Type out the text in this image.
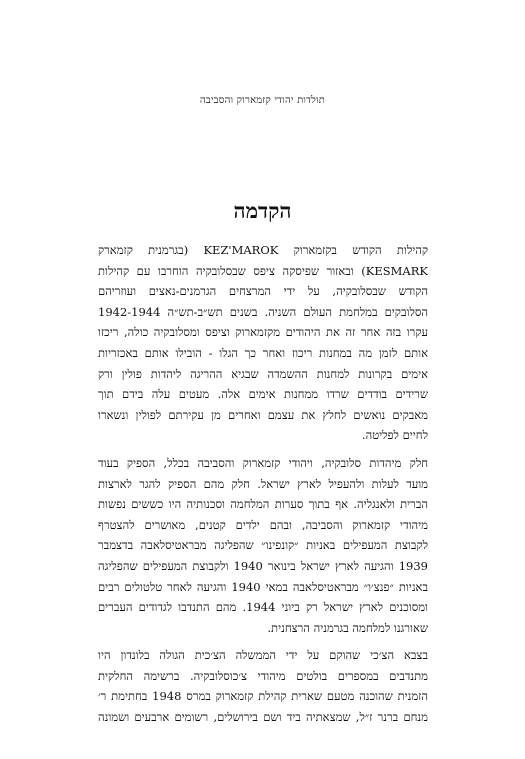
תולדות יהודי קזמארוק והסביבה
הקדמה
קהילות הקודש בקזמארוק KEZ'MAROK (בגרמנית קזמארק
KESMARK) ובאזור שפיסקה ציפס שבסלובקיה הוחרבו עם קהילות
הקודש שבסלובקיה, על ידי המרצחים הגרמנים-נאצים ועוזריהם
הסלובקים במלחמת העולם השניה. בשנים תש״ב-תש״ה 1942-1944
עקרו בזה אחר זה את היהודים מקזמארוק וציפס ומסלובקיה כולה, ריכזו
אותם לזמן מה במחנות ריכוז ואחר כך הגלו - הובילו אותם באכזריות
אימים בקרונות למחנות ההשמדה שבגיא ההריגה ליהדות פולין ורק
שרידים בודדים שרדו ממחנות אימים אלה. מעטים עלה בידם תוך
מאבקים נואשים לחלץ את עצמם ואחרים מן עקירתם לפולין ונשארו
לחיים לפליטה.
חלק מיהדות סלובקיה, ויהודי קזמארוק והסביבה בכלל, הספיק בעוד
מועד לעלות ולהעפיל לארץ ישראל. חלק מהם הספיק להגר לארצות
הברית ולאנגליה. אף בתוך סערות המלחמה וסכנותיה היו כששים נפשות
מיהודי קזמארוק והסביבה, ובהם ילדים קטנים, מאושרים להצטרף
לקבוצת המעפילים באניות ״קונפינו״ שהפליגה מבראטיסלאבה בדצמבר
1939 והגיעה לארץ ישראל בינואר 1940 ולקבוצת המעפילים שהפליגה
באניות ״פנצ׳ו״ מבראטיסלאבה במאי 1940 והגיעה לאחר טלטולים רבים
ומסוכנים לארץ ישראל רק ביוני 1944. מהם התנדבו לגדודים העברים
שאורגנו למלחמה בגרמניה הרצחנית.
בצבא הצ׳כי שהוקם על ידי הממשלה הצ׳כית הגולה בלונדון היו
מתנדבים במספרים בולטים מיהודי צ׳כוסלובקיה. ברשימה החלקית
הזמנית שהוכנה מטעם שארית קהילת קזמארוק במרס 1948 בחתימת ר׳
מנחם ברנר ז״ל, שמצאתיה ביד ושם בירושלים, רשומים ארבעים ושמונה
